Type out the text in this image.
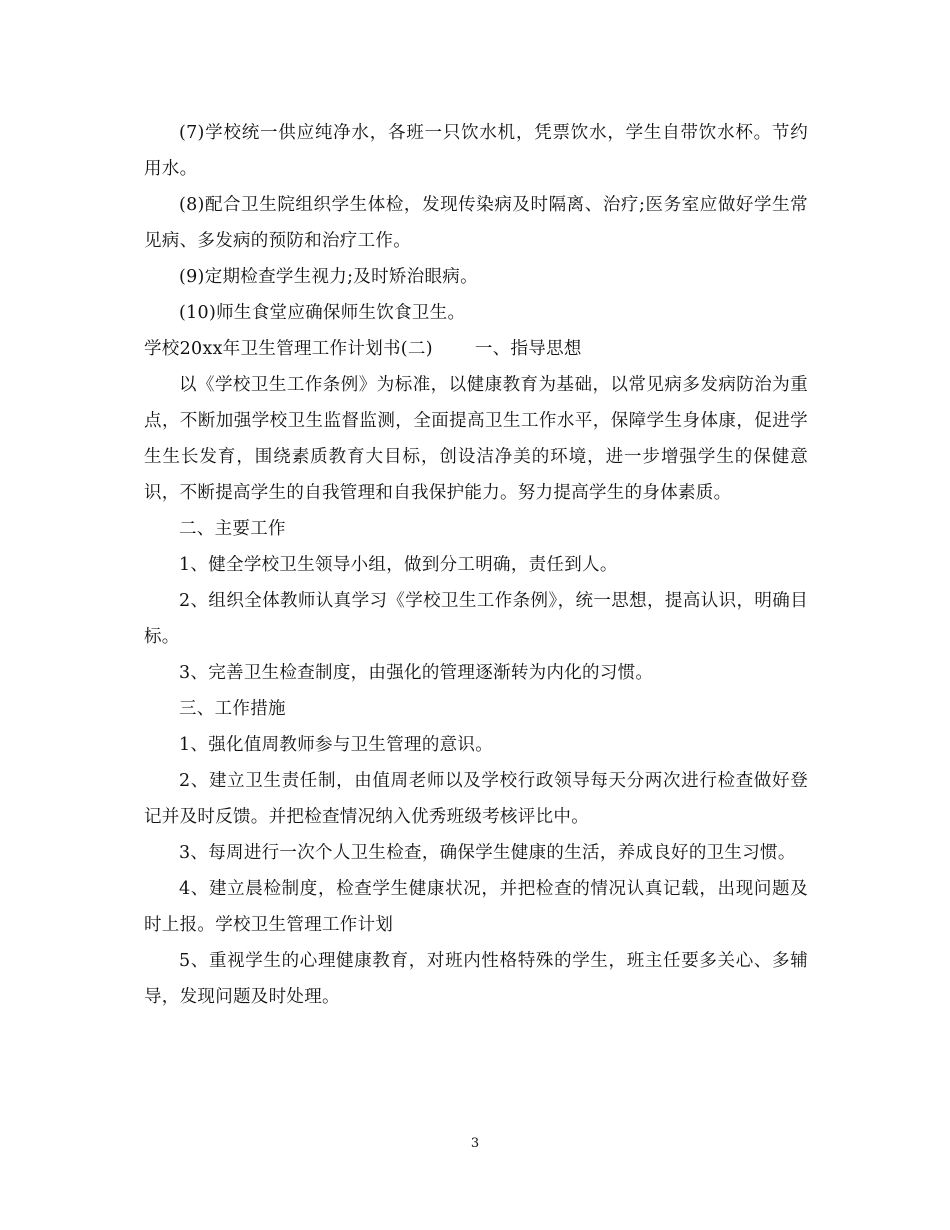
(7)学校统一供应纯净水，各班一只饮水机，凭票饮水，学生自带饮水杯。节约用水。

(8)配合卫生院组织学生体检，发现传染病及时隔离、治疗;医务室应做好学生常见病、多发病的预防和治疗工作。

(9)定期检查学生视力;及时矫治眼病。

(10)师生食堂应确保师生饮食卫生。

学校20xx年卫生管理工作计划书(二) 一、指导思想

以《学校卫生工作条例》为标准，以健康教育为基础，以常见病多发病防治为重点，不断加强学校卫生监督监测，全面提高卫生工作水平，保障学生身体康，促进学生生长发育，围绕素质教育大目标，创设洁净美的环境，进一步增强学生的保健意识，不断提高学生的自我管理和自我保护能力。努力提高学生的身体素质。

二、主要工作

1、健全学校卫生领导小组，做到分工明确，责任到人。

2、组织全体教师认真学习《学校卫生工作条例》，统一思想，提高认识，明确目标。

3、完善卫生检查制度，由强化的管理逐渐转为内化的习惯。

三、工作措施

1、强化值周教师参与卫生管理的意识。

2、建立卫生责任制，由值周老师以及学校行政领导每天分两次进行检查做好登记并及时反馈。并把检查情况纳入优秀班级考核评比中。

3、每周进行一次个人卫生检查，确保学生健康的生活，养成良好的卫生习惯。

4、建立晨检制度，检查学生健康状况，并把检查的情况认真记载，出现问题及时上报。学校卫生管理工作计划

5、重视学生的心理健康教育，对班内性格特殊的学生，班主任要多关心、多辅导，发现问题及时处理。

3
